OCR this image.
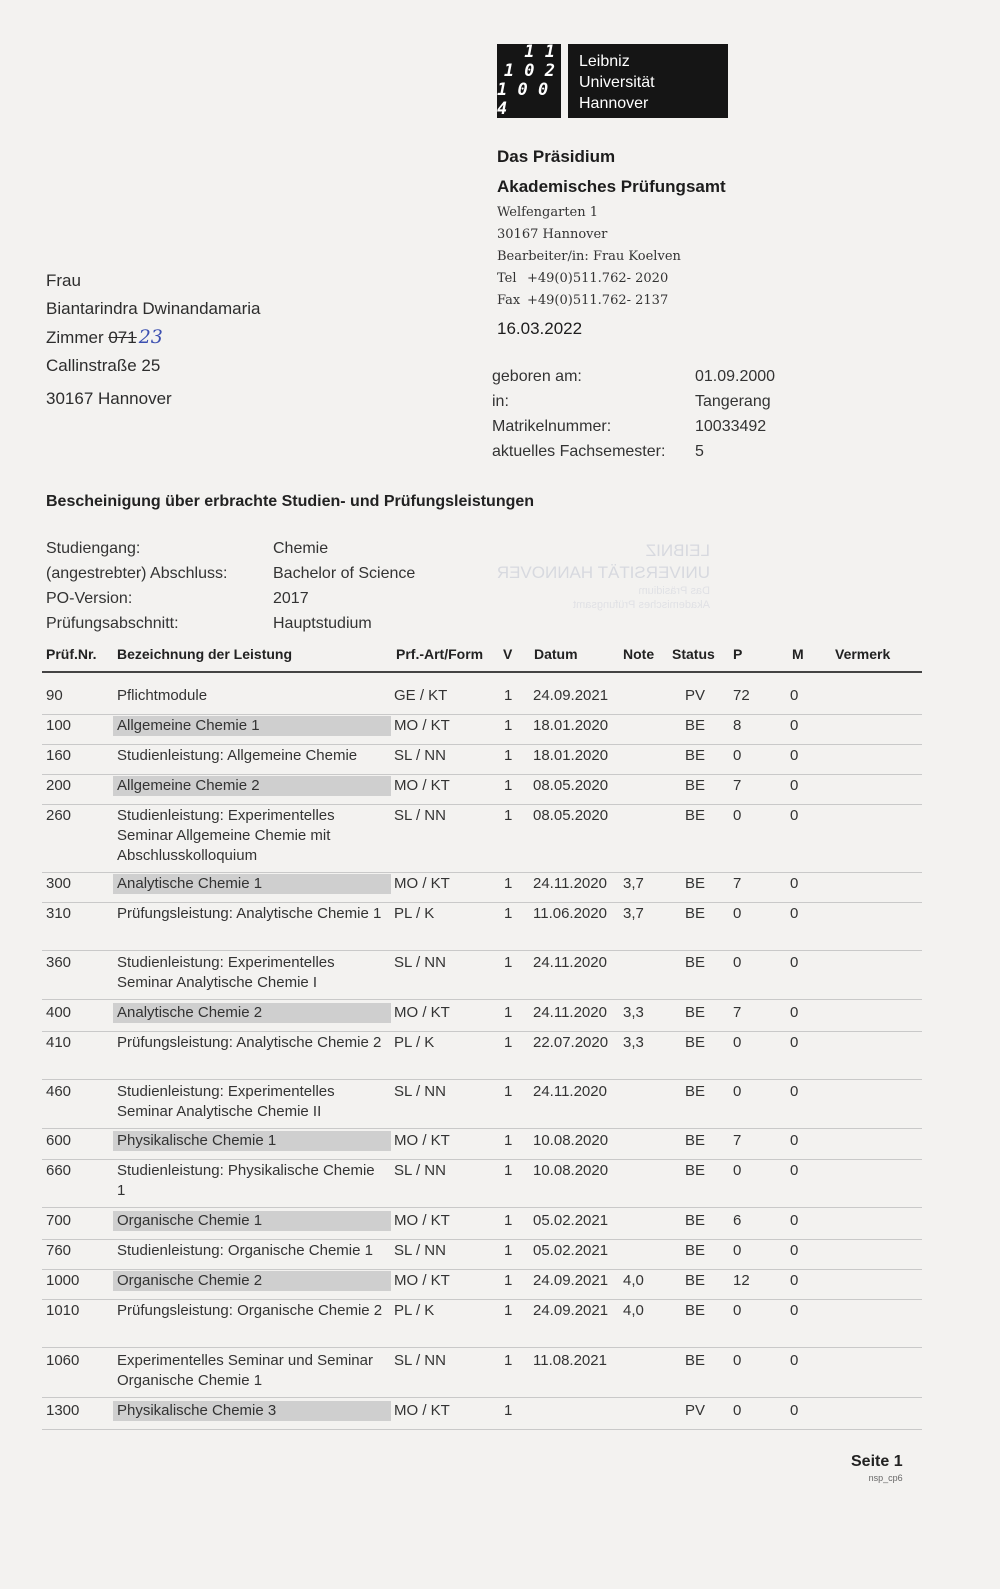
1 1
1 0 2
1 0 0 4
Leibniz
Universität
Hannover
Das Präsidium
Akademisches Prüfungsamt
Welfengarten 1
30167 Hannover
Bearbeiter/in: Frau Koelven
Tel +49(0)511.762- 2020
Fax +49(0)511.762- 2137
16.03.2022
Frau
Biantarindra Dwinandamaria
Zimmer 071 23
Callinstraße 25
30167 Hannover
geboren am:	01.09.2000
in:	Tangerang
Matrikelnummer:	10033492
aktuelles Fachsemester:	5
LEIBNIZ
UNIVERSITÄT HANNOVER
Das Präsidium
Akademisches Prüfungsamt
Bescheinigung über erbrachte Studien- und Prüfungsleistungen
Studiengang:	Chemie
(angestrebter) Abschluss:	Bachelor of Science
PO-Version:	2017
Prüfungsabschnitt:	Hauptstudium
Prüf.Nr. Bezeichnung der Leistung	Prf.-Art/Form V Datum	Note Status P	M Vermerk
90	Pflichtmodule	GE / KT	1 24.09.2021	PV 72	0
100	Allgemeine Chemie 1	MO / KT	1 18.01.2020	BE 8	0
160	Studienleistung: Allgemeine Chemie	SL / NN	1 18.01.2020	BE 0	0
200	Allgemeine Chemie 2	MO / KT	1 08.05.2020	BE 7	0
260	Studienleistung: Experimentelles Seminar Allgemeine Chemie mit Abschlusskolloquium
SL / NN	1 08.05.2020	BE 0	0
300	Analytische Chemie 1	MO / KT	1 24.11.2020 3,7	BE 7	0
310	Prüfungsleistung: Analytische Chemie 1 PL / K	1 11.06.2020 3,7	BE 0	0
360	Studienleistung: Experimentelles Seminar Analytische Chemie I
SL / NN	1 24.11.2020	BE 0	0
400	Analytische Chemie 2	MO / KT	1 24.11.2020 3,3	BE 7	0
410	Prüfungsleistung: Analytische Chemie 2 PL / K	1 22.07.2020 3,3	BE 0	0
460	Studienleistung: Experimentelles Seminar Analytische Chemie II
SL / NN	1 24.11.2020	BE 0	0
600	Physikalische Chemie 1	MO / KT	1 10.08.2020	BE 7	0
660	Studienleistung: Physikalische Chemie 1
SL / NN	1 10.08.2020	BE 0	0
700	Organische Chemie 1	MO / KT	1 05.02.2021	BE 6	0
760	Studienleistung: Organische Chemie 1	SL / NN	1 05.02.2021	BE 0	0
1000	Organische Chemie 2	MO / KT	1 24.09.2021 4,0	BE 12	0
1010	Prüfungsleistung: Organische Chemie 2 PL / K	1 24.09.2021 4,0	BE 0	0
1060	Experimentelles Seminar und Seminar Organische Chemie 1
SL / NN	1 11.08.2021	BE 0	0
1300	Physikalische Chemie 3	MO / KT	1	PV 0	0
Seite 1
nsp_cp6
